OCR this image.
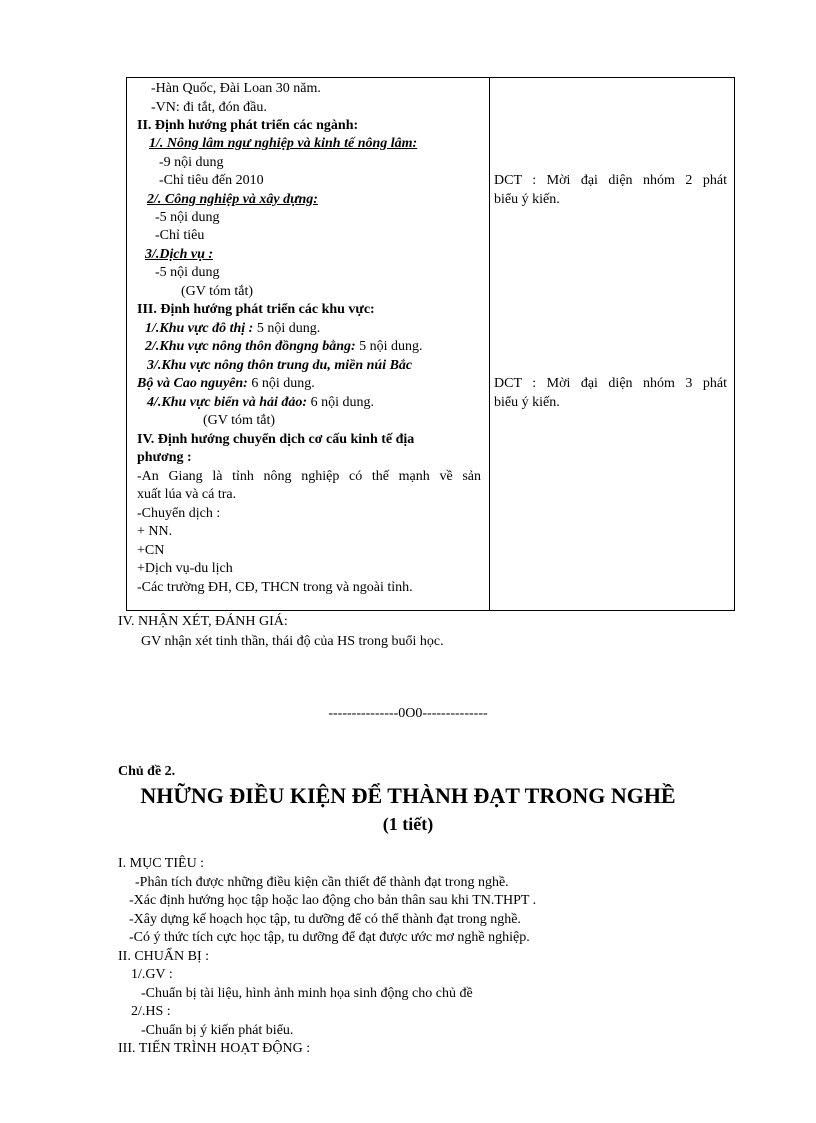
-Hàn Quốc, Đài Loan 30 năm.
-VN: đi tắt, đón đầu.
II. Định hướng phát triển các ngành:
1/. Nông lâm ngư nghiệp và kinh tế nông lâm:
-9 nội dung
-Chỉ tiêu đến 2010
2/. Công nghiệp và xây dựng:
-5 nội dung
-Chỉ tiêu
3/.Dịch vụ :
-5 nội dung
(GV tóm tắt)
III. Định hướng phát triển các khu vực:
1/.Khu vực đô thị : 5 nội dung.
2/.Khu vực nông thôn đồngng bằng: 5 nội dung.
3/.Khu vực nông thôn trung du, miền núi Bắc
Bộ và Cao nguyên: 6 nội dung.
4/.Khu vực biển và hải đảo: 6 nội dung.
(GV tóm tắt)
IV. Định hướng chuyển dịch cơ cấu kinh tế địa
phương :
-An Giang là tỉnh nông nghiệp có thế mạnh về sản
xuất lúa và cá tra.
-Chuyển dịch :
+ NN.
+CN
+Dịch vụ-du lịch
-Các trường ĐH, CĐ, THCN trong và ngoài tỉnh.
DCT : Mời đại diện nhóm 2 phát
biểu ý kiến.
DCT : Mời đại diện nhóm 3 phát
biểu ý kiến.
IV. NHẬN XÉT, ĐÁNH GIÁ:
GV nhận xét tinh thần, thái độ của HS trong buổi học.
---------------0O0--------------
Chủ đề 2.
NHỮNG ĐIỀU KIỆN ĐỂ THÀNH ĐẠT TRONG NGHỀ
(1 tiết)
I. MỤC TIÊU :
-Phân tích được những điều kiện cần thiết để thành đạt trong nghề.
-Xác định hướng học tập hoặc lao động cho bản thân sau khi TN.THPT .
-Xây dựng kế hoạch học tập, tu dưỡng để có thể thành đạt trong nghề.
-Có ý thức tích cực học tập, tu dưỡng để đạt được ước mơ nghề nghiệp.
II. CHUẨN BỊ :
1/.GV :
-Chuẩn bị tài liệu, hình ảnh minh họa sinh động cho chủ đề
2/.HS :
-Chuẩn bị ý kiến phát biểu.
III. TIẾN TRÌNH HOẠT ĐỘNG :
